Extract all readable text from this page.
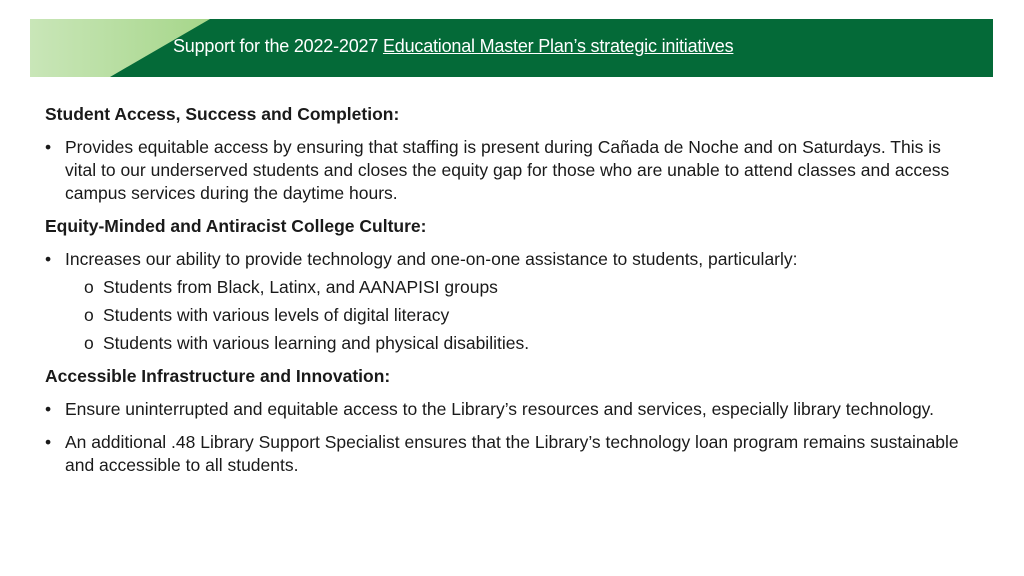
Support for the 2022-2027 Educational Master Plan’s strategic initiatives
Student Access, Success and Completion:
• Provides equitable access by ensuring that staffing is present during Cañada de Noche and on Saturdays. This is vital to our underserved students and closes the equity gap for those who are unable to attend classes and access campus services during the daytime hours.
Equity-Minded and Antiracist College Culture:
• Increases our ability to provide technology and one-on-one assistance to students, particularly:
o Students from Black, Latinx, and AANAPISI groups
o Students with various levels of digital literacy
o Students with various learning and physical disabilities.
Accessible Infrastructure and Innovation:
• Ensure uninterrupted and equitable access to the Library’s resources and services, especially library technology.
• An additional .48 Library Support Specialist ensures that the Library’s technology loan program remains sustainable and accessible to all students.
